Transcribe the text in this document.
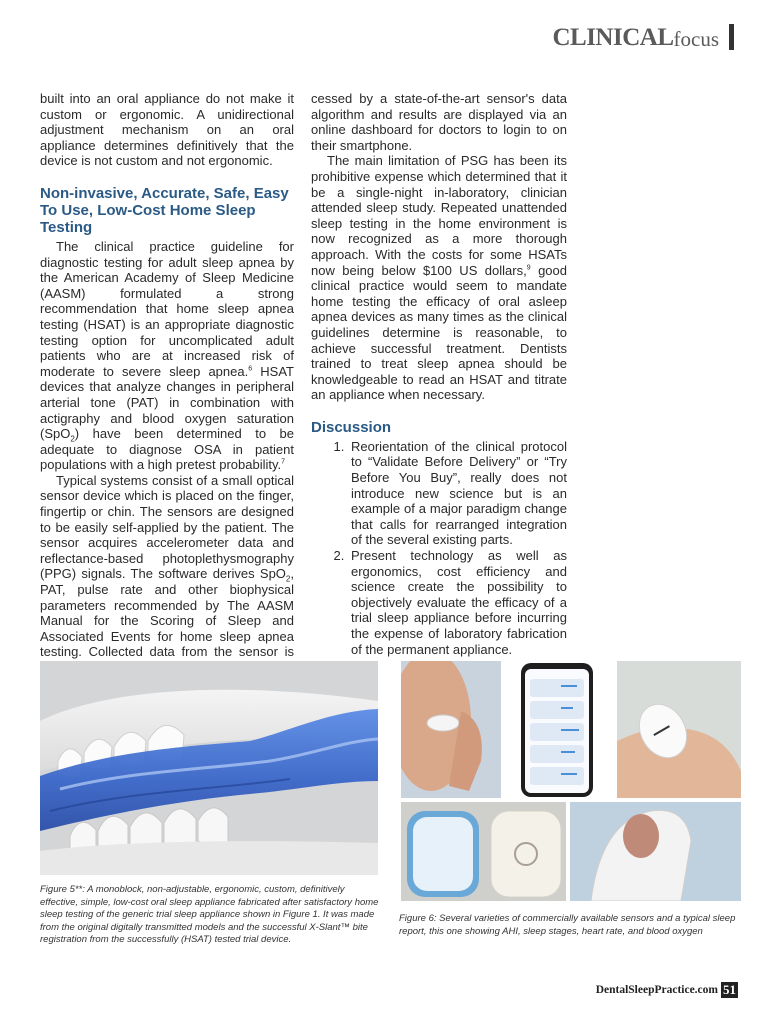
CLINICAL focus

built into an oral appliance do not make it custom or ergonomic. A unidirectional adjustment mechanism on an oral appliance determines definitively that the device is not custom and not ergonomic.

Non-invasive, Accurate, Safe, Easy To Use, Low-Cost Home Sleep Testing

The clinical practice guideline for diagnostic testing for adult sleep apnea by the American Academy of Sleep Medicine (AASM) formulated a strong recommendation that home sleep apnea testing (HSAT) is an appropriate diagnostic testing option for uncomplicated adult patients who are at increased risk of moderate to severe sleep apnea.$^6$ HSAT devices that analyze changes in peripheral arterial tone (PAT) in combination with actigraphy and blood oxygen saturation (SpO$_2$) have been determined to be adequate to diagnose OSA in patient populations with a high pretest probability.$^7$

Typical systems consist of a small optical sensor device which is placed on the finger, fingertip or chin. The sensors are designed to be easily self-applied by the patient. The sensor acquires accelerometer data and reflectance-based photoplethysmography (PPG) signals. The software derives SpO$_2$, PAT, pulse rate and other biophysical parameters recommended by The AASM Manual for the Scoring of Sleep and Associated Events for home sleep apnea testing. Collected data from the sensor is

cessed by a state-of-the-art sensor's data algorithm and results are displayed via an online dashboard for doctors to login to on their smartphone.

The main limitation of PSG has been its prohibitive expense which determined that it be a single-night in-laboratory, clinician attended sleep study. Repeated unattended sleep testing in the home environment is now recognized as a more thorough approach. With the costs for some HSATs now being below $100 US dollars,$^9$ good clinical practice would seem to mandate home testing the efficacy of oral asleep apnea devices as many times as the clinical guidelines determine is reasonable, to achieve successful treatment. Dentists trained to treat sleep apnea should be knowledgeable to read an HSAT and titrate an appliance when necessary.

Discussion
1. Reorientation of the clinical protocol to “Validate Before Delivery” or “Try Before You Buy”, really does not introduce new science but is an example of a major paradigm change that calls for rearranged integration of the several existing parts.
2. Present technology as well as ergonomics, cost efficiency and science create the possibility to objectively evaluate the efficacy of a trial sleep appliance before incurring the expense of laboratory fabrication of the permanent appliance.
Figure 5**: A monoblock, non-adjustable, ergonomic, custom, definitively effective, simple, low-cost oral sleep appliance fabricated after satisfactory home sleep testing of the generic trial sleep appliance shown in Figure 1. It was made from the original digitally transmitted models and the successful X-Slant™ bite registration from the successfully (HSAT) tested trial device.
Figure 6: Several varieties of commercially available sensors and a typical sleep report, this one showing AHI, sleep stages, heart rate, and blood oxygen
DentalSleepPractice.com 51
